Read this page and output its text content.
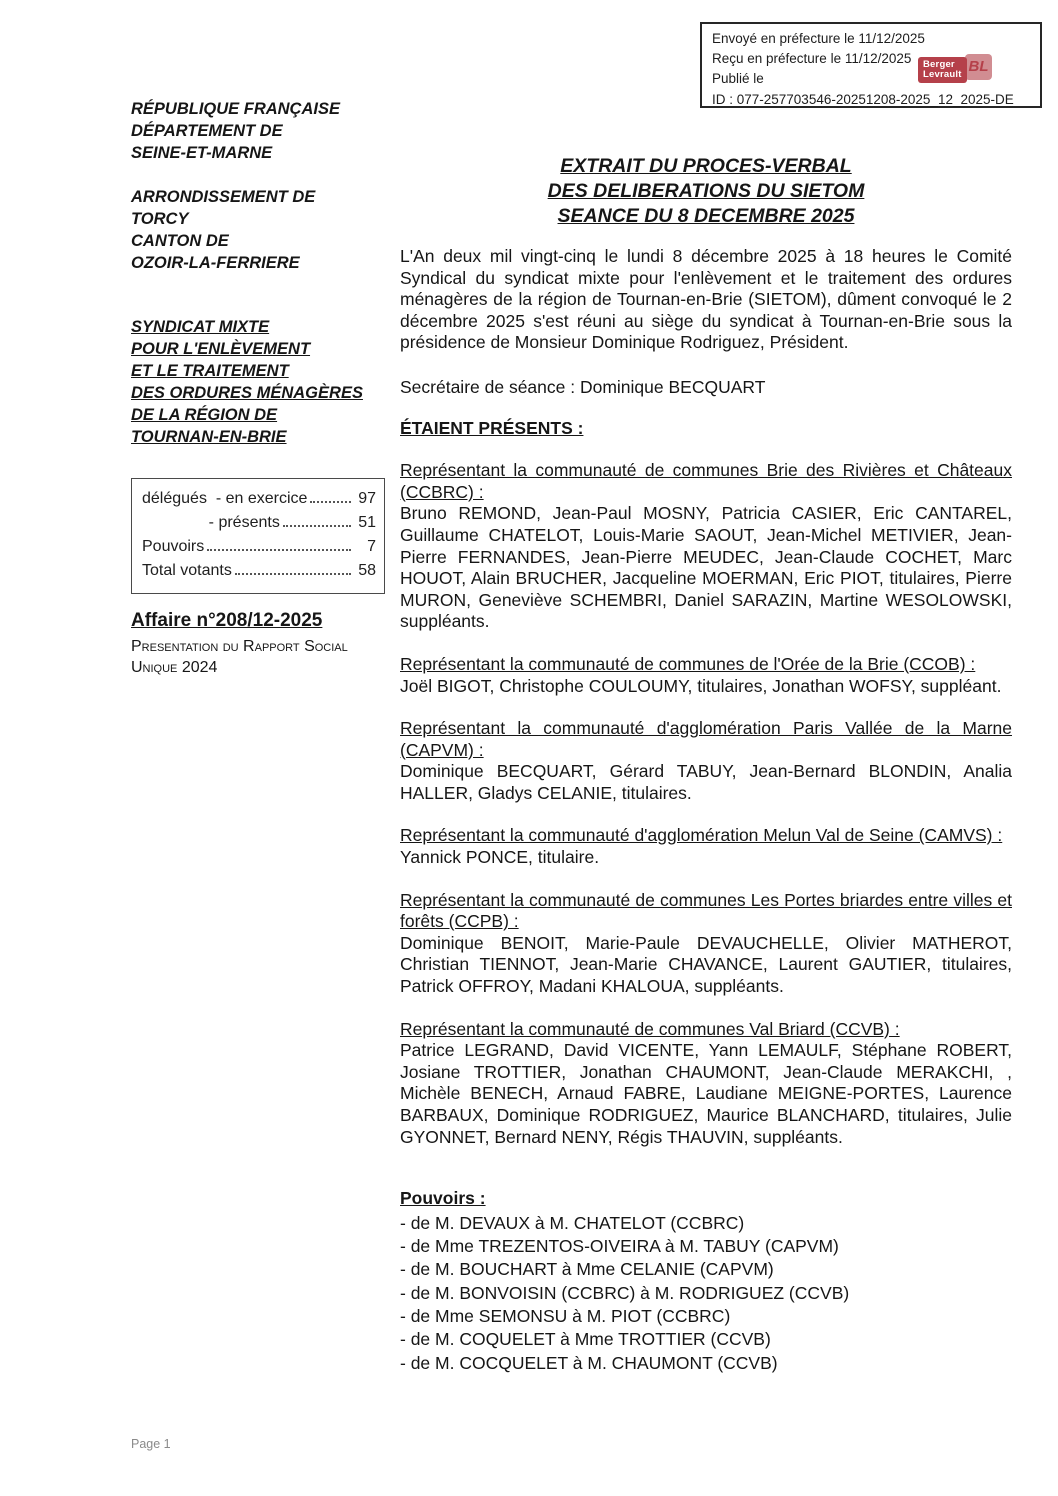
Envoyé en préfecture le 11/12/2025
Reçu en préfecture le 11/12/2025
Publié le
ID : 077-257703546-20251208-2025_12_2025-DE
BL
Berger
Levrault
RÉPUBLIQUE FRANÇAISE
DÉPARTEMENT DE
SEINE-ET-MARNE
ARRONDISSEMENT DE
TORCY
CANTON DE
OZOIR-LA-FERRIERE
SYNDICAT MIXTE
POUR L'ENLÈVEMENT
ET LE TRAITEMENT
DES ORDURES MÉNAGÈRES
DE LA RÉGION DE
TOURNAN-EN-BRIE
délégués  - en exercice	97
- présents	51
Pouvoirs	7
Total votants	58
Affaire n°208/12-2025
Presentation du Rapport Social Unique 2024
EXTRAIT DU PROCES-VERBAL
DES DELIBERATIONS DU SIETOM
SEANCE DU 8 DECEMBRE 2025

L'An deux mil vingt-cinq le lundi 8 décembre 2025 à 18 heures le Comité Syndical du syndicat mixte pour l'enlèvement et le traitement des ordures ménagères de la région de Tournan-en-Brie (SIETOM), dûment convoqué le 2 décembre 2025 s'est réuni au siège du syndicat à Tournan-en-Brie sous la présidence de Monsieur Dominique Rodriguez, Président.

Secrétaire de séance : Dominique BECQUART

ÉTAIENT PRÉSENTS :

Représentant la communauté de communes Brie des Rivières et Châteaux (CCBRC) :
Bruno REMOND, Jean-Paul MOSNY, Patricia CASIER, Eric CANTAREL, Guillaume CHATELOT, Louis-Marie SAOUT, Jean-Michel METIVIER, Jean-Pierre FERNANDES, Jean-Pierre MEUDEC, Jean-Claude COCHET, Marc HOUOT, Alain BRUCHER, Jacqueline MOERMAN, Eric PIOT, titulaires, Pierre MURON, Geneviève SCHEMBRI, Daniel SARAZIN, Martine WESOLOWSKI, suppléants.
Représentant la communauté de communes de l'Orée de la Brie (CCOB) :
Joël BIGOT, Christophe COULOUMY, titulaires, Jonathan WOFSY, suppléant.
Représentant la communauté d'agglomération Paris Vallée de la Marne (CAPVM) :
Dominique BECQUART, Gérard TABUY, Jean-Bernard BLONDIN, Analia HALLER, Gladys CELANIE, titulaires.
Représentant la communauté d'agglomération Melun Val de Seine (CAMVS) :
Yannick PONCE, titulaire.
Représentant la communauté de communes Les Portes briardes entre villes et forêts (CCPB) :
Dominique BENOIT, Marie-Paule DEVAUCHELLE, Olivier MATHEROT, Christian TIENNOT, Jean-Marie CHAVANCE, Laurent GAUTIER, titulaires, Patrick OFFROY, Madani KHALOUA, suppléants.
Représentant la communauté de communes Val Briard (CCVB) :
Patrice LEGRAND, David VICENTE, Yann LEMAULF, Stéphane ROBERT, Josiane TROTTIER, Jonathan CHAUMONT, Jean-Claude MERAKCHI, , Michèle BENECH, Arnaud FABRE, Laudiane MEIGNE-PORTES, Laurence BARBAUX, Dominique RODRIGUEZ, Maurice BLANCHARD, titulaires, Julie GYONNET, Bernard NENY, Régis THAUVIN, suppléants.

Pouvoirs :

- de M. DEVAUX à M. CHATELOT (CCBRC)
- de Mme TREZENTOS-OIVEIRA à M. TABUY (CAPVM)
- de M. BOUCHART à Mme CELANIE (CAPVM)
- de M. BONVOISIN (CCBRC) à M. RODRIGUEZ (CCVB)
- de Mme SEMONSU à M. PIOT (CCBRC)
- de M. COQUELET à Mme TROTTIER (CCVB)
- de M. COCQUELET à M. CHAUMONT (CCVB)
Page 1
